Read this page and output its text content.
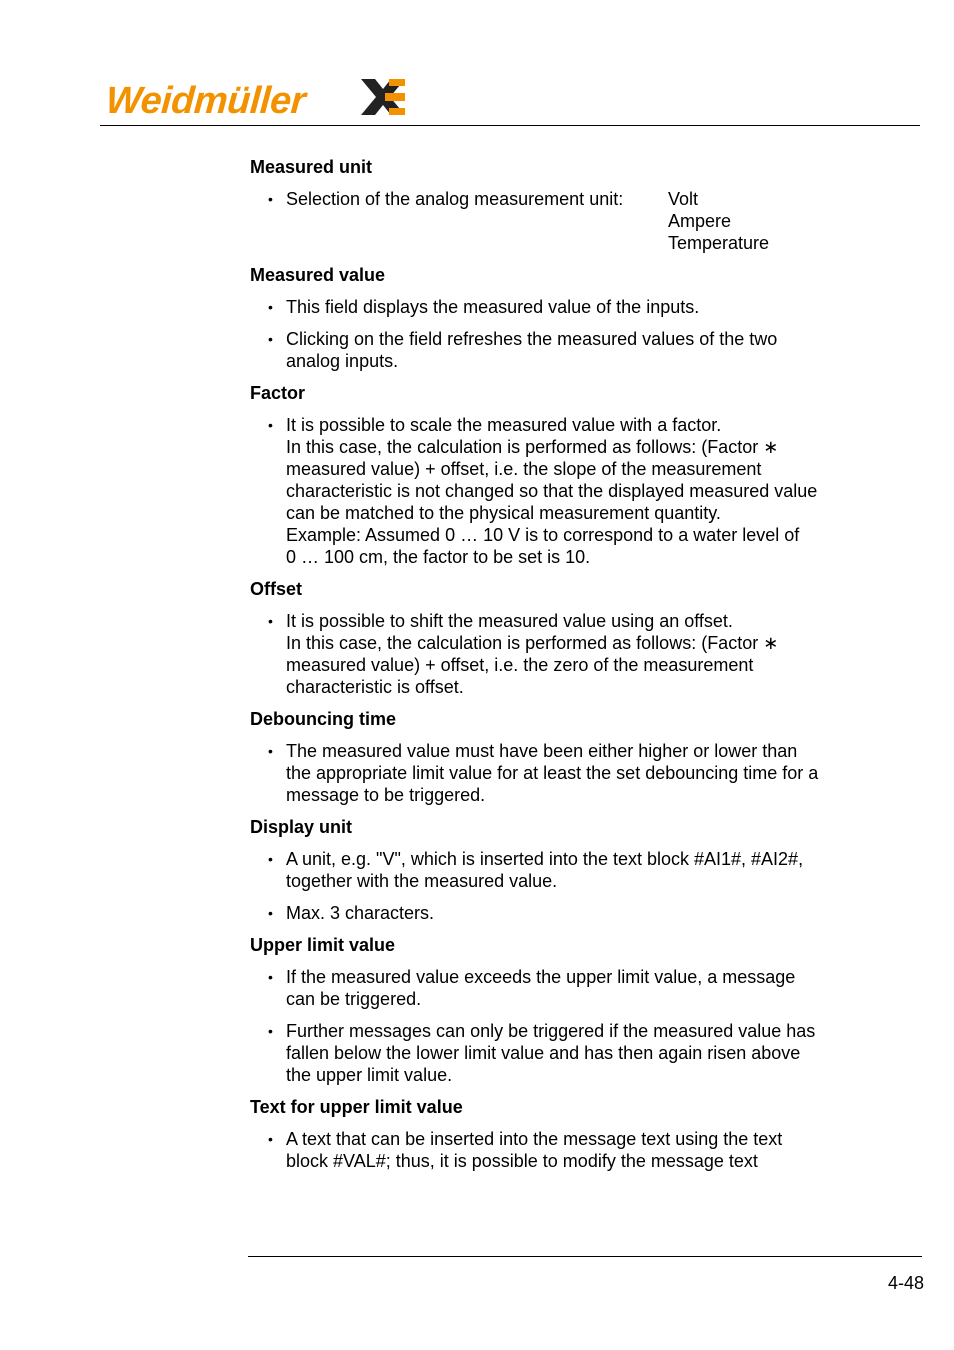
Weidmüller
Measured unit
• Selection of the analog measurement unit:	Volt
Ampere
Temperature
Measured value
• This field displays the measured value of the inputs.
• Clicking on the field refreshes the measured values of the two
analog inputs.
Factor
• It is possible to scale the measured value with a factor.
In this case, the calculation is performed as follows: (Factor ∗
measured value) + offset, i.e. the slope of the measurement
characteristic is not changed so that the displayed measured value
can be matched to the physical measurement quantity.
Example: Assumed 0 … 10 V is to correspond to a water level of
0 … 100 cm, the factor to be set is 10.
Offset
• It is possible to shift the measured value using an offset.
In this case, the calculation is performed as follows: (Factor ∗
measured value) + offset, i.e. the zero of the measurement
characteristic is offset.
Debouncing time
• The measured value must have been either higher or lower than
the appropriate limit value for at least the set debouncing time for a
message to be triggered.
Display unit
• A unit, e.g. "V", which is inserted into the text block #AI1#, #AI2#,
together with the measured value.
• Max. 3 characters.
Upper limit value
• If the measured value exceeds the upper limit value, a message
can be triggered.
• Further messages can only be triggered if the measured value has
fallen below the lower limit value and has then again risen above
the upper limit value.
Text for upper limit value
• A text that can be inserted into the message text using the text
block #VAL#; thus, it is possible to modify the message text
4-48
